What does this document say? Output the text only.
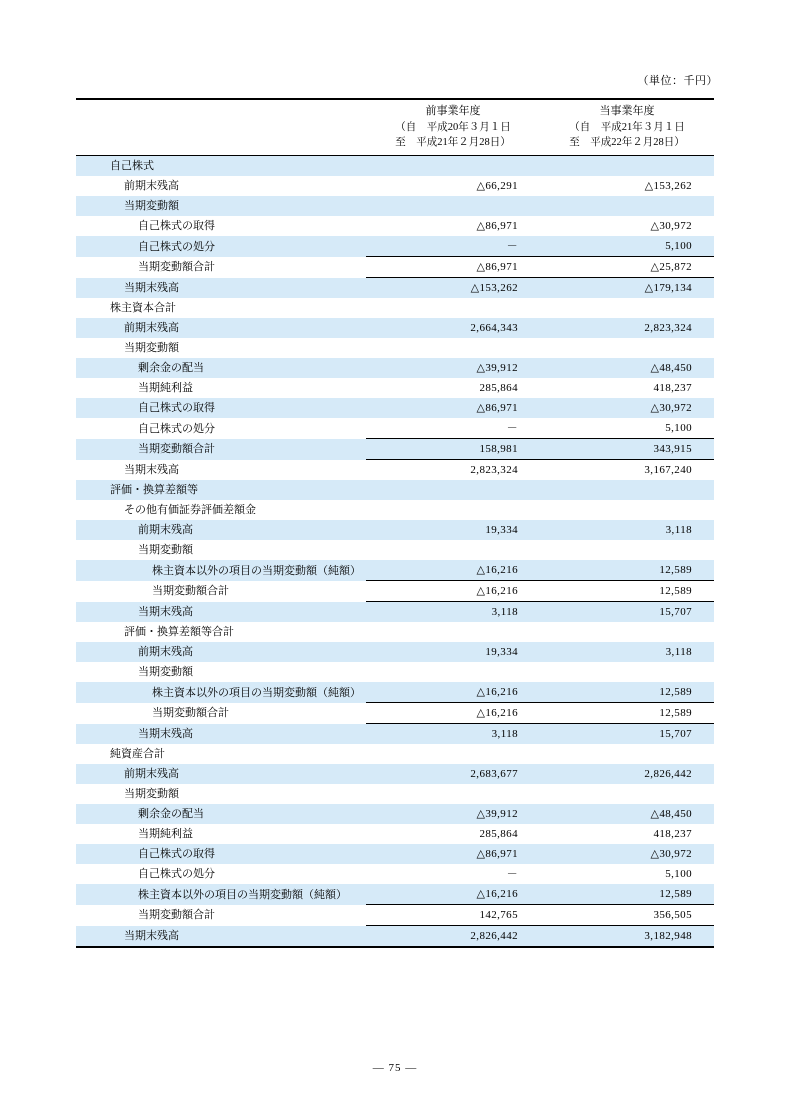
（単位：千円）

	前事業年度
（自　平成20年３月１日
至　平成21年２月28日）	当事業年度
（自　平成21年３月１日
至　平成22年２月28日）

自己株式		
前期末残高	△66,291	△153,262
当期変動額		
自己株式の取得	△86,971	△30,972
自己株式の処分	－	5,100
当期変動額合計	△86,971	△25,872
当期末残高	△153,262	△179,134
株主資本合計		
前期末残高	2,664,343	2,823,324
当期変動額		
剰余金の配当	△39,912	△48,450
当期純利益	285,864	418,237
自己株式の取得	△86,971	△30,972
自己株式の処分	－	5,100
当期変動額合計	158,981	343,915
当期末残高	2,823,324	3,167,240
評価・換算差額等		
その他有価証券評価差額金		
前期末残高	19,334	3,118
当期変動額		
株主資本以外の項目の当期変動額（純額）	△16,216	12,589
当期変動額合計	△16,216	12,589
当期末残高	3,118	15,707
評価・換算差額等合計		
前期末残高	19,334	3,118
当期変動額		
株主資本以外の項目の当期変動額（純額）	△16,216	12,589
当期変動額合計	△16,216	12,589
当期末残高	3,118	15,707
純資産合計		
前期末残高	2,683,677	2,826,442
当期変動額		
剰余金の配当	△39,912	△48,450
当期純利益	285,864	418,237
自己株式の取得	△86,971	△30,972
自己株式の処分	－	5,100
株主資本以外の項目の当期変動額（純額）	△16,216	12,589
当期変動額合計	142,765	356,505
当期末残高	2,826,442	3,182,948
— 75 —
